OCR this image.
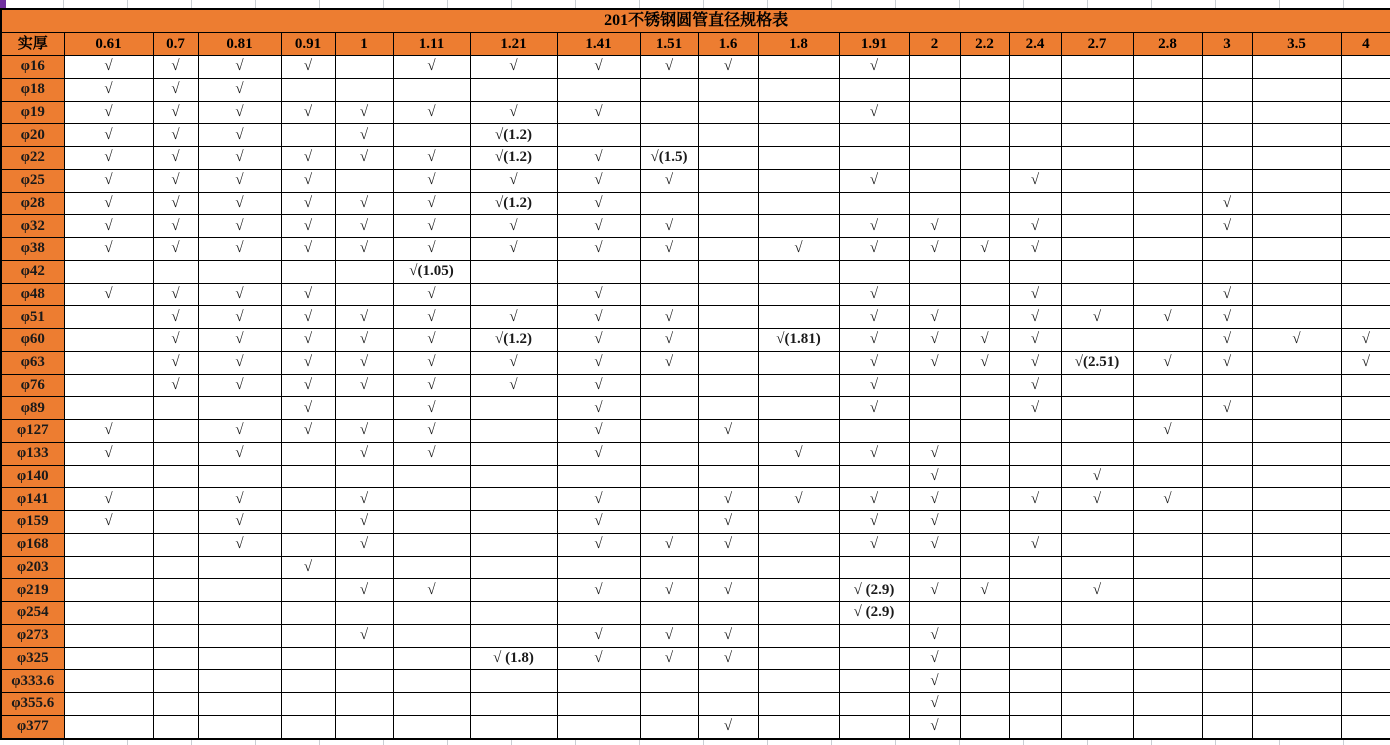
201不锈钢圆管直径规格表																				
实厚	0.61	0.7	0.81	0.91	1	1.11	1.21	1.41	1.51	1.6	1.8	1.91	2	2.2	2.4	2.7	2.8	3	3.5	4
φ16	√	√	√	√		√	√	√	√	√		√								
φ18	√	√	√																	
φ19	√	√	√	√	√	√	√	√				√								
φ20	√	√	√		√		√(1.2)													
φ22	√	√	√	√	√	√	√(1.2)	√	√(1.5)											
φ25	√	√	√	√		√	√	√	√			√			√					
φ28	√	√	√	√	√	√	√(1.2)	√										√		
φ32	√	√	√	√	√	√	√	√	√			√	√		√			√		
φ38	√	√	√	√	√	√	√	√	√		√	√	√	√	√					
φ42						√(1.05)														
φ48	√	√	√	√		√		√				√			√			√		
φ51		√	√	√	√	√	√	√	√			√	√		√	√	√	√		
φ60		√	√	√	√	√	√(1.2)	√	√		√(1.81)	√	√	√	√			√	√	√
φ63		√	√	√	√	√	√	√	√			√	√	√	√	√(2.51)	√	√		√
φ76		√	√	√	√	√	√	√				√			√					
φ89				√		√		√				√			√			√		
φ127	√		√	√	√	√		√		√							√			
φ133	√		√		√	√		√			√	√	√							
φ140													√			√				
φ141	√		√		√			√		√	√	√	√		√	√	√			
φ159	√		√		√			√		√		√	√							
φ168			√		√			√	√	√		√	√		√					
φ203				√																
φ219					√	√		√	√	√		√ (2.9)	√	√		√				
φ254												√ (2.9)								
φ273					√			√	√	√			√							
φ325							√ (1.8)	√	√	√			√							
φ333.6													√							
φ355.6													√							
φ377										√			√							
